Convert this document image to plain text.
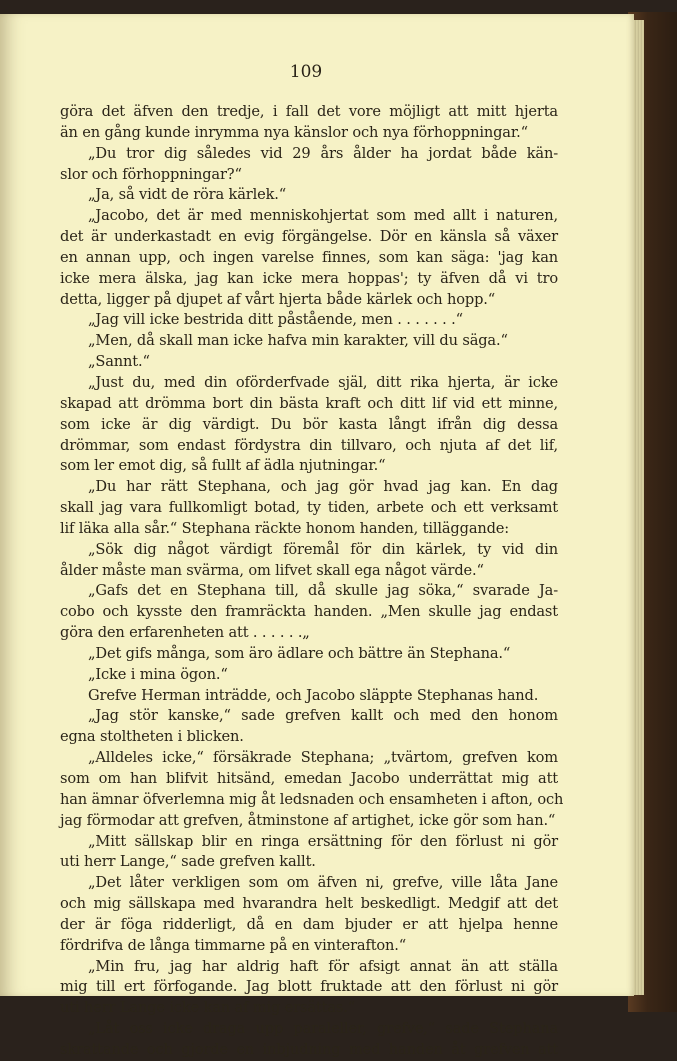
109
göra det äfven den tredje, i fall det vore möjligt att mitt hjerta
än en gång kunde inrymma nya känslor och nya förhoppningar.“
„Du tror dig således vid 29 års ålder ha jordat både kän-
slor och förhoppningar?“
„Ja, så vidt de röra kärlek.“
„Jacobo, det är med menniskohjertat som med allt i naturen,
det är underkastadt en evig förgängelse. Dör en känsla så växer
en annan upp, och ingen varelse finnes, som kan säga: 'jag kan
icke mera älska, jag kan icke mera hoppas'; ty äfven då vi tro
detta, ligger på djupet af vårt hjerta både kärlek och hopp.“
„Jag vill icke bestrida ditt påstående, men . . . . . . .“
„Men, då skall man icke hafva min karakter, vill du säga.“
„Sannt.“
„Just du, med din oförderfvade själ, ditt rika hjerta, är icke
skapad att drömma bort din bästa kraft och ditt lif vid ett minne,
som icke är dig värdigt. Du bör kasta långt ifrån dig dessa
drömmar, som endast fördystra din tillvaro, och njuta af det lif,
som ler emot dig, så fullt af ädla njutningar.“
„Du har rätt Stephana, och jag gör hvad jag kan. En dag
skall jag vara fullkomligt botad, ty tiden, arbete och ett verksamt
lif läka alla sår.“ Stephana räckte honom handen, tilläggande:
„Sök dig något värdigt föremål för din kärlek, ty vid din
ålder måste man svärma, om lifvet skall ega något värde.“
„Gafs det en Stephana till, då skulle jag söka,“ svarade Ja-
cobo och kysste den framräckta handen. „Men skulle jag endast
göra den erfarenheten att . . . . . .„
„Det gifs många, som äro ädlare och bättre än Stephana.“
„Icke i mina ögon.“
Grefve Herman inträdde, och Jacobo släppte Stephanas hand.
„Jag stör kanske,“ sade grefven kallt och med den honom
egna stoltheten i blicken.
„Alldeles icke,“ försäkrade Stephana; „tvärtom, grefven kom
som om han blifvit hitsänd, emedan Jacobo underrättat mig att
han ämnar öfverlemna mig åt ledsnaden och ensamheten i afton, och
jag förmodar att grefven, åtminstone af artighet, icke gör som han.“
„Mitt sällskap blir en ringa ersättning för den förlust ni gör
uti herr Lange,“ sade grefven kallt.
„Det låter verkligen som om äfven ni, grefve, ville låta Jane
och mig sällskapa med hvarandra helt beskedligt. Medgif att det
der är föga ridderligt, då en dam bjuder er att hjelpa henne
fördrifva de långa timmarne på en vinterafton.“
„Min fru, jag har aldrig haft för afsigt annat än att ställa
mig till ert förfogande. Jag blott fruktade att den förlust ni gör
uti herr Lange icke kan af mig ersättas.“
„Låt oss icke draga upp paraleller, grefve,“ sade Stephana
skrattande och gjorde en inbjudning med handen åt grefven att
